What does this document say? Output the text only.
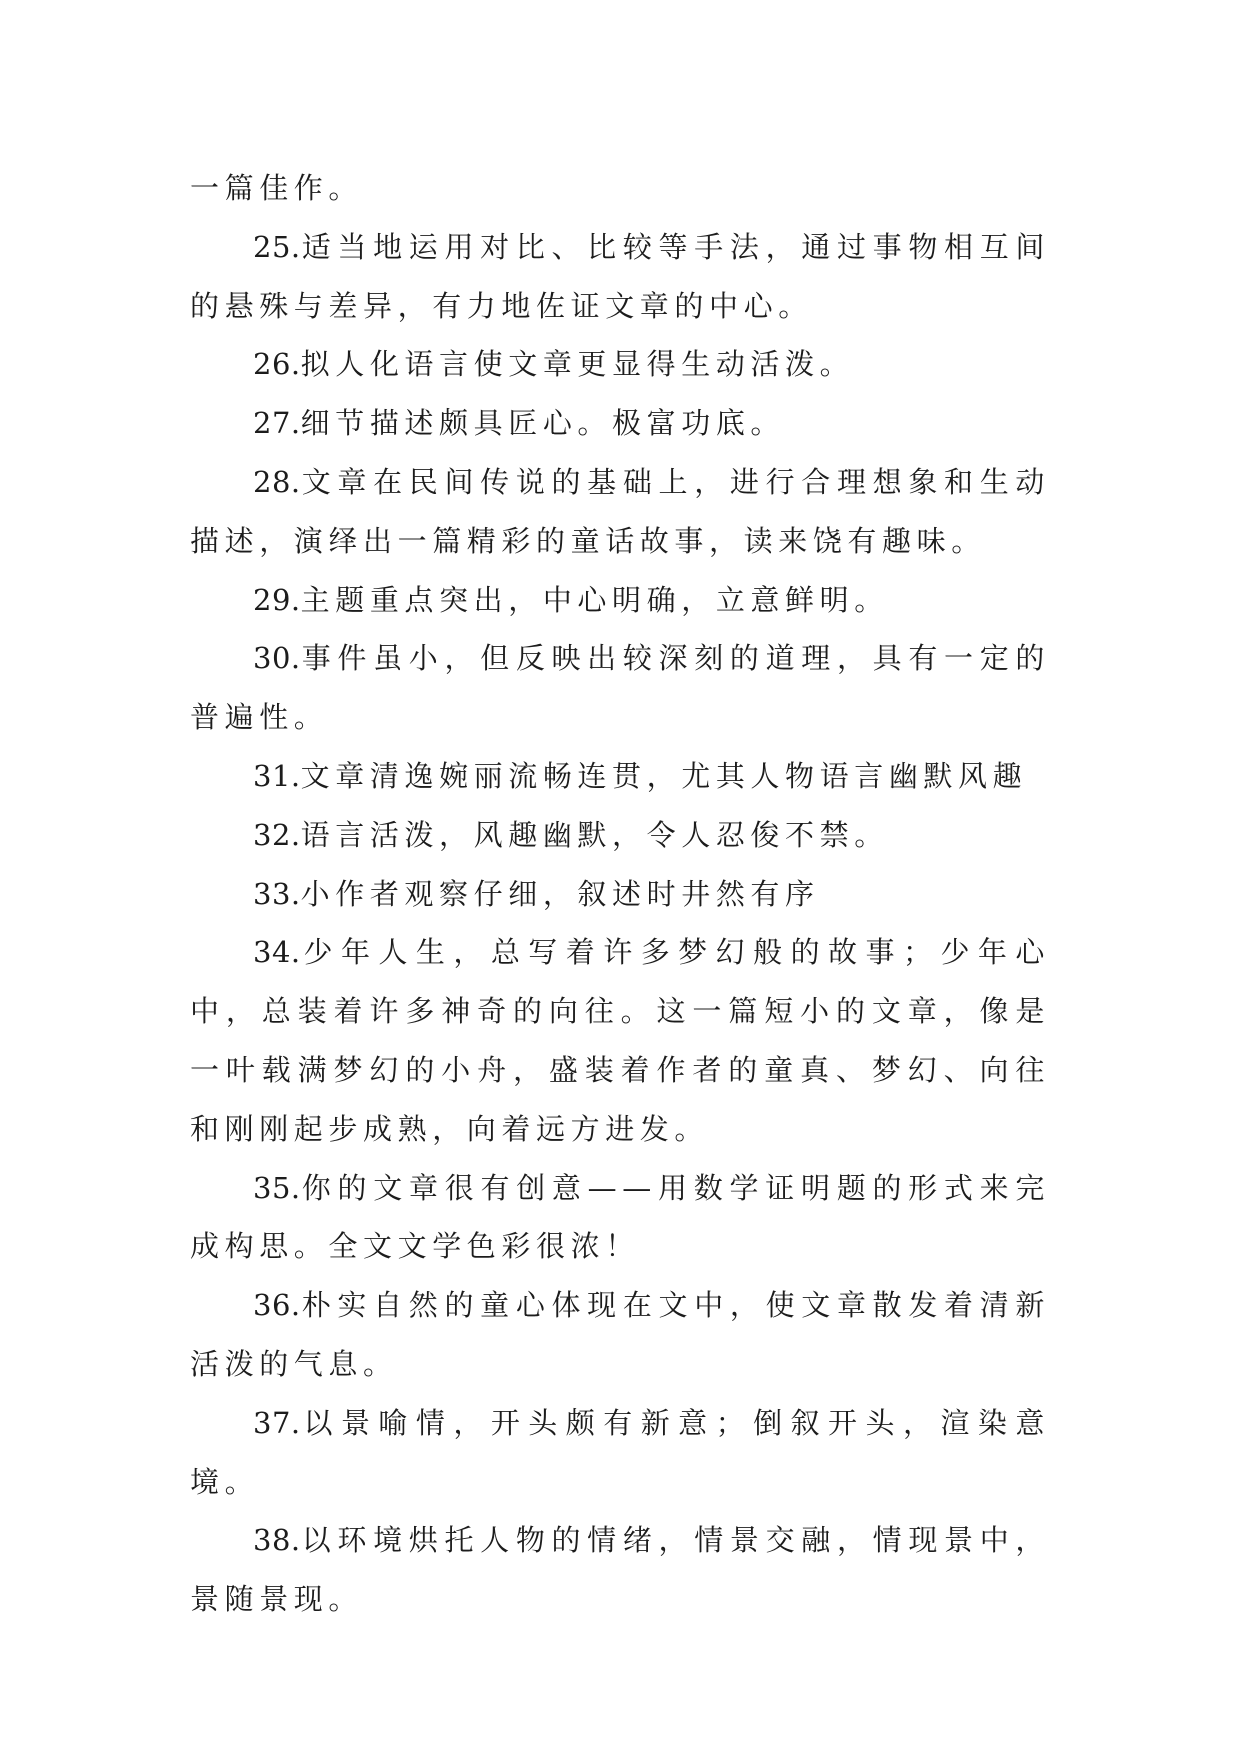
一篇佳作。

25.适当地运用对比、比较等手法，通过事物相互间的悬殊与差异，有力地佐证文章的中心。

26.拟人化语言使文章更显得生动活泼。

27.细节描述颇具匠心。极富功底。

28.文章在民间传说的基础上，进行合理想象和生动描述，演绎出一篇精彩的童话故事，读来饶有趣味。

29.主题重点突出，中心明确，立意鲜明。

30.事件虽小，但反映出较深刻的道理，具有一定的普遍性。

31.文章清逸婉丽流畅连贯，尤其人物语言幽默风趣

32.语言活泼，风趣幽默，令人忍俊不禁。

33.小作者观察仔细，叙述时井然有序

34.少年人生，总写着许多梦幻般的故事；少年心中，总装着许多神奇的向往。这一篇短小的文章，像是一叶载满梦幻的小舟，盛装着作者的童真、梦幻、向往和刚刚起步成熟，向着远方进发。

35.你的文章很有创意——用数学证明题的形式来完成构思。全文文学色彩很浓！

36.朴实自然的童心体现在文中，使文章散发着清新活泼的气息。

37.以景喻情，开头颇有新意；倒叙开头，渲染意境。

38.以环境烘托人物的情绪，情景交融，情现景中，景随景现。
